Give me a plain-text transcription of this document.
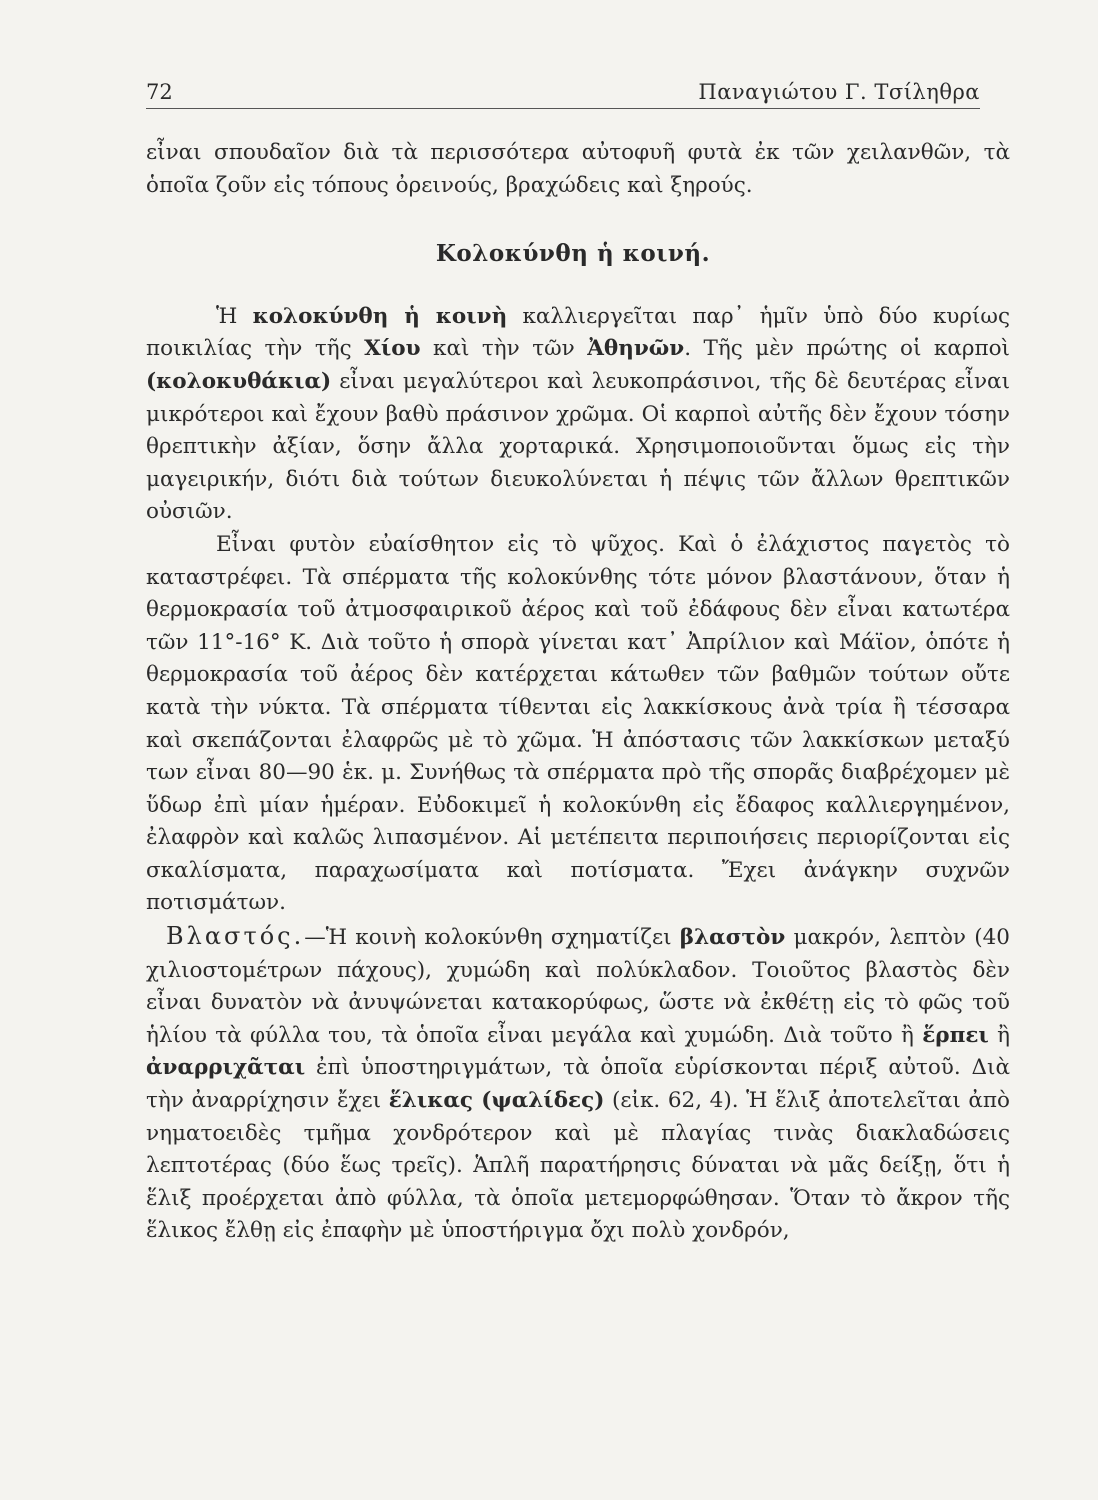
72	Παναγιώτου Γ. Τσίληθρα

εἶναι σπουδαῖον διὰ τὰ περισσότερα αὐτοφυῆ φυτὰ ἐκ τῶν χειλανθῶν, τὰ ὁποῖα ζοῦν εἰς τόπους ὀρεινούς, βραχώδεις καὶ ξηρούς.

Κολοκύνθη ἡ κοινή.

Ἡ κολοκύνθη ἡ κοινὴ καλλιεργεῖται παρ᾽ ἡμῖν ὑπὸ δύο κυρίως ποικιλίας τὴν τῆς Χίου καὶ τὴν τῶν Ἀθηνῶν. Τῆς μὲν πρώτης οἱ καρποὶ (κολοκυθάκια) εἶναι μεγαλύτεροι καὶ λευκοπράσινοι, τῆς δὲ δευτέρας εἶναι μικρότεροι καὶ ἔχουν βαθὺ πράσινον χρῶμα. Οἱ καρποὶ αὐτῆς δὲν ἔχουν τόσην θρεπτικὴν ἀξίαν, ὅσην ἄλλα χορταρικά. Χρησιμοποιοῦνται ὅμως εἰς τὴν μαγειρικήν, διότι διὰ τούτων διευκολύνεται ἡ πέψις τῶν ἄλλων θρεπτικῶν οὐσιῶν.

Εἶναι φυτὸν εὐαίσθητον εἰς τὸ ψῦχος. Καὶ ὁ ἐλάχιστος παγετὸς τὸ καταστρέφει. Τὰ σπέρματα τῆς κολοκύνθης τότε μόνον βλαστάνουν, ὅταν ἡ θερμοκρασία τοῦ ἀτμοσφαιρικοῦ ἀέρος καὶ τοῦ ἐδάφους δὲν εἶναι κατωτέρα τῶν 11°-16° Κ. Διὰ τοῦτο ἡ σπορὰ γίνεται κατ᾽ Ἀπρίλιον καὶ Μάϊον, ὁπότε ἡ θερμοκρασία τοῦ ἀέρος δὲν κατέρχεται κάτωθεν τῶν βαθμῶν τούτων οὔτε κατὰ τὴν νύκτα. Τὰ σπέρματα τίθενται εἰς λακκίσκους ἀνὰ τρία ἢ τέσσαρα καὶ σκεπάζονται ἐλαφρῶς μὲ τὸ χῶμα. Ἡ ἀπόστασις τῶν λακκίσκων μεταξύ των εἶναι 80—90 ἑκ. μ. Συνήθως τὰ σπέρματα πρὸ τῆς σπορᾶς διαβρέχομεν μὲ ὕδωρ ἐπὶ μίαν ἡμέραν. Εὐδοκιμεῖ ἡ κολοκύνθη εἰς ἔδαφος καλλιεργημένον, ἐλαφρὸν καὶ καλῶς λιπασμένον. Αἱ μετέπειτα περιποιήσεις περιορίζονται εἰς σκαλίσματα, παραχωσίματα καὶ ποτίσματα. Ἔχει ἀνάγκην συχνῶν ποτισμάτων.

Βλαστός.—Ἡ κοινὴ κολοκύνθη σχηματίζει βλαστὸν μακρόν, λεπτὸν (40 χιλιοστομέτρων πάχους), χυμώδη καὶ πολύκλαδον. Τοιοῦτος βλαστὸς δὲν εἶναι δυνατὸν νὰ ἀνυψώνεται κατακορύφως, ὥστε νὰ ἐκθέτῃ εἰς τὸ φῶς τοῦ ἡλίου τὰ φύλλα του, τὰ ὁποῖα εἶναι μεγάλα καὶ χυμώδη. Διὰ τοῦτο ἢ ἕρπει ἢ ἀναρριχᾶται ἐπὶ ὑποστηριγμάτων, τὰ ὁποῖα εὑρίσκονται πέριξ αὐτοῦ. Διὰ τὴν ἀναρρίχησιν ἔχει ἕλικας (ψαλίδες) (εἰκ. 62, 4). Ἡ ἕλιξ ἀποτελεῖται ἀπὸ νηματοειδὲς τμῆμα χονδρότερον καὶ μὲ πλαγίας τινὰς διακλαδώσεις λεπτοτέρας (δύο ἕως τρεῖς). Ἁπλῆ παρατήρησις δύναται νὰ μᾶς δείξῃ, ὅτι ἡ ἕλιξ προέρχεται ἀπὸ φύλλα, τὰ ὁποῖα μετεμορφώθησαν. Ὅταν τὸ ἄκρον τῆς ἕλικος ἔλθῃ εἰς ἐπαφὴν μὲ ὑποστήριγμα ὄχι πολὺ χονδρόν,
